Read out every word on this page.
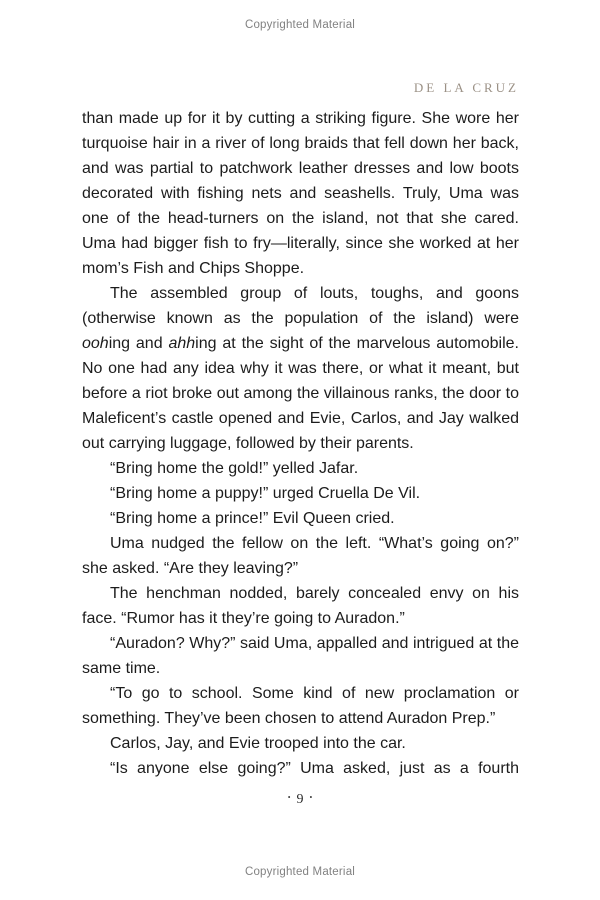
Copyrighted Material
DE LA CRUZ

than made up for it by cutting a striking figure. She wore her turquoise hair in a river of long braids that fell down her back, and was partial to patchwork leather dresses and low boots decorated with fishing nets and seashells. Truly, Uma was one of the head-turners on the island, not that she cared. Uma had bigger fish to fry—literally, since she worked at her mom’s Fish and Chips Shoppe.

The assembled group of louts, toughs, and goons (otherwise known as the population of the island) were oohing and ahhing at the sight of the marvelous automobile. No one had any idea why it was there, or what it meant, but before a riot broke out among the villainous ranks, the door to Maleficent’s castle opened and Evie, Carlos, and Jay walked out carrying luggage, followed by their parents.

“Bring home the gold!” yelled Jafar.

“Bring home a puppy!” urged Cruella De Vil.

“Bring home a prince!” Evil Queen cried.

Uma nudged the fellow on the left. “What’s going on?” she asked. “Are they leaving?”

The henchman nodded, barely concealed envy on his face. “Rumor has it they’re going to Auradon.”

“Auradon? Why?” said Uma, appalled and intrigued at the same time.

“To go to school. Some kind of new proclamation or something. They’ve been chosen to attend Auradon Prep.”

Carlos, Jay, and Evie trooped into the car.

“Is anyone else going?” Uma asked, just as a fourth

• 9 •
Copyrighted Material
